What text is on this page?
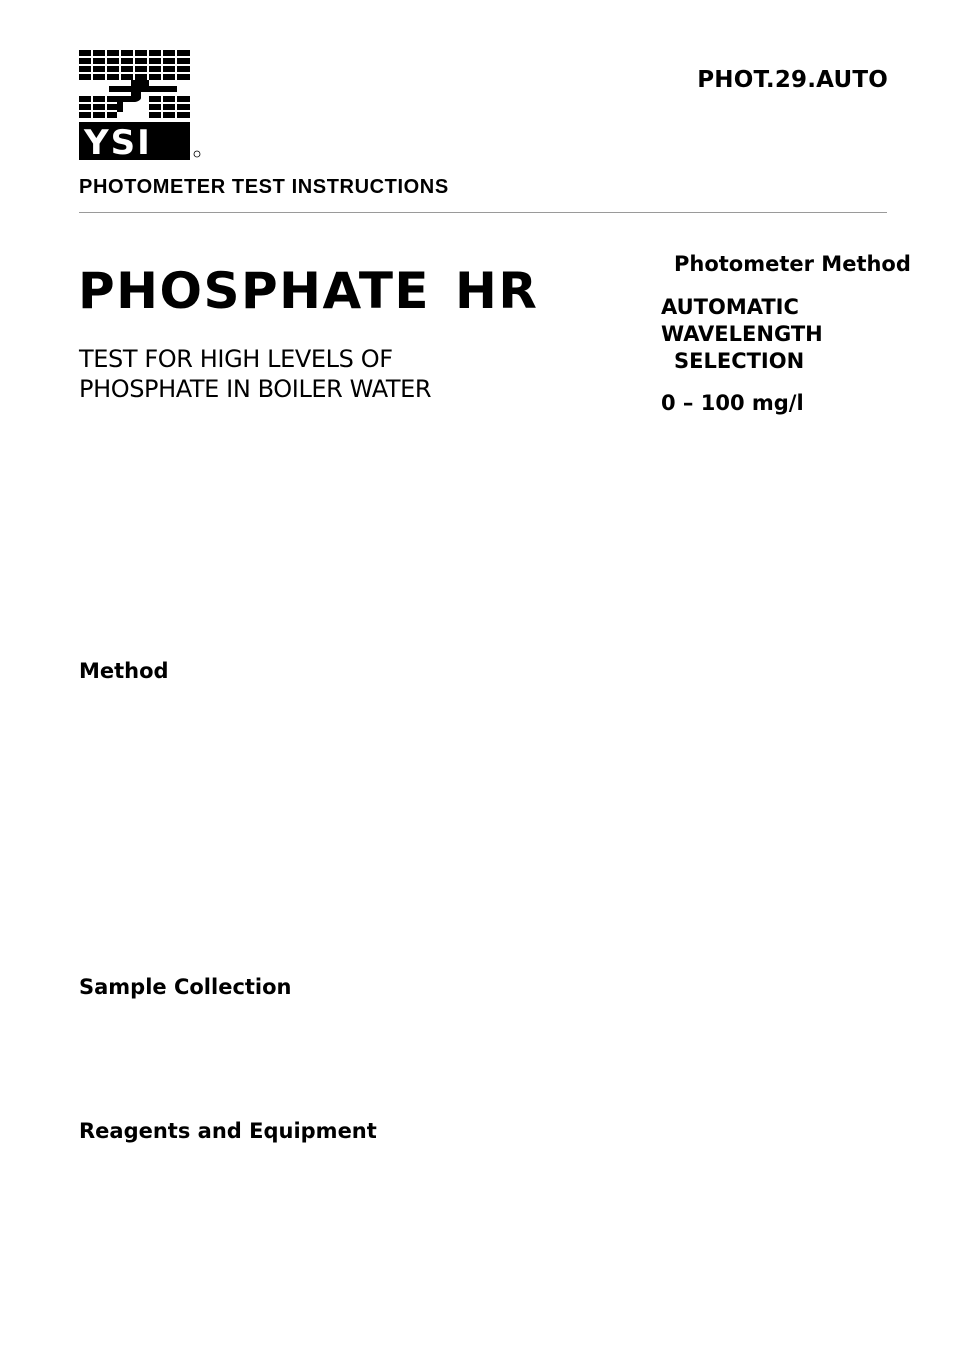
YSI
PHOT.29.AUTO
PHOTOMETER TEST INSTRUCTIONS
PHOSPHATE HR
TEST FOR HIGH LEVELS OF
PHOSPHATE IN BOILER WATER
Photometer Method
AUTOMATIC
WAVELENGTH
SELECTION
0 – 100 mg/l
Method
Sample Collection
Reagents and Equipment
